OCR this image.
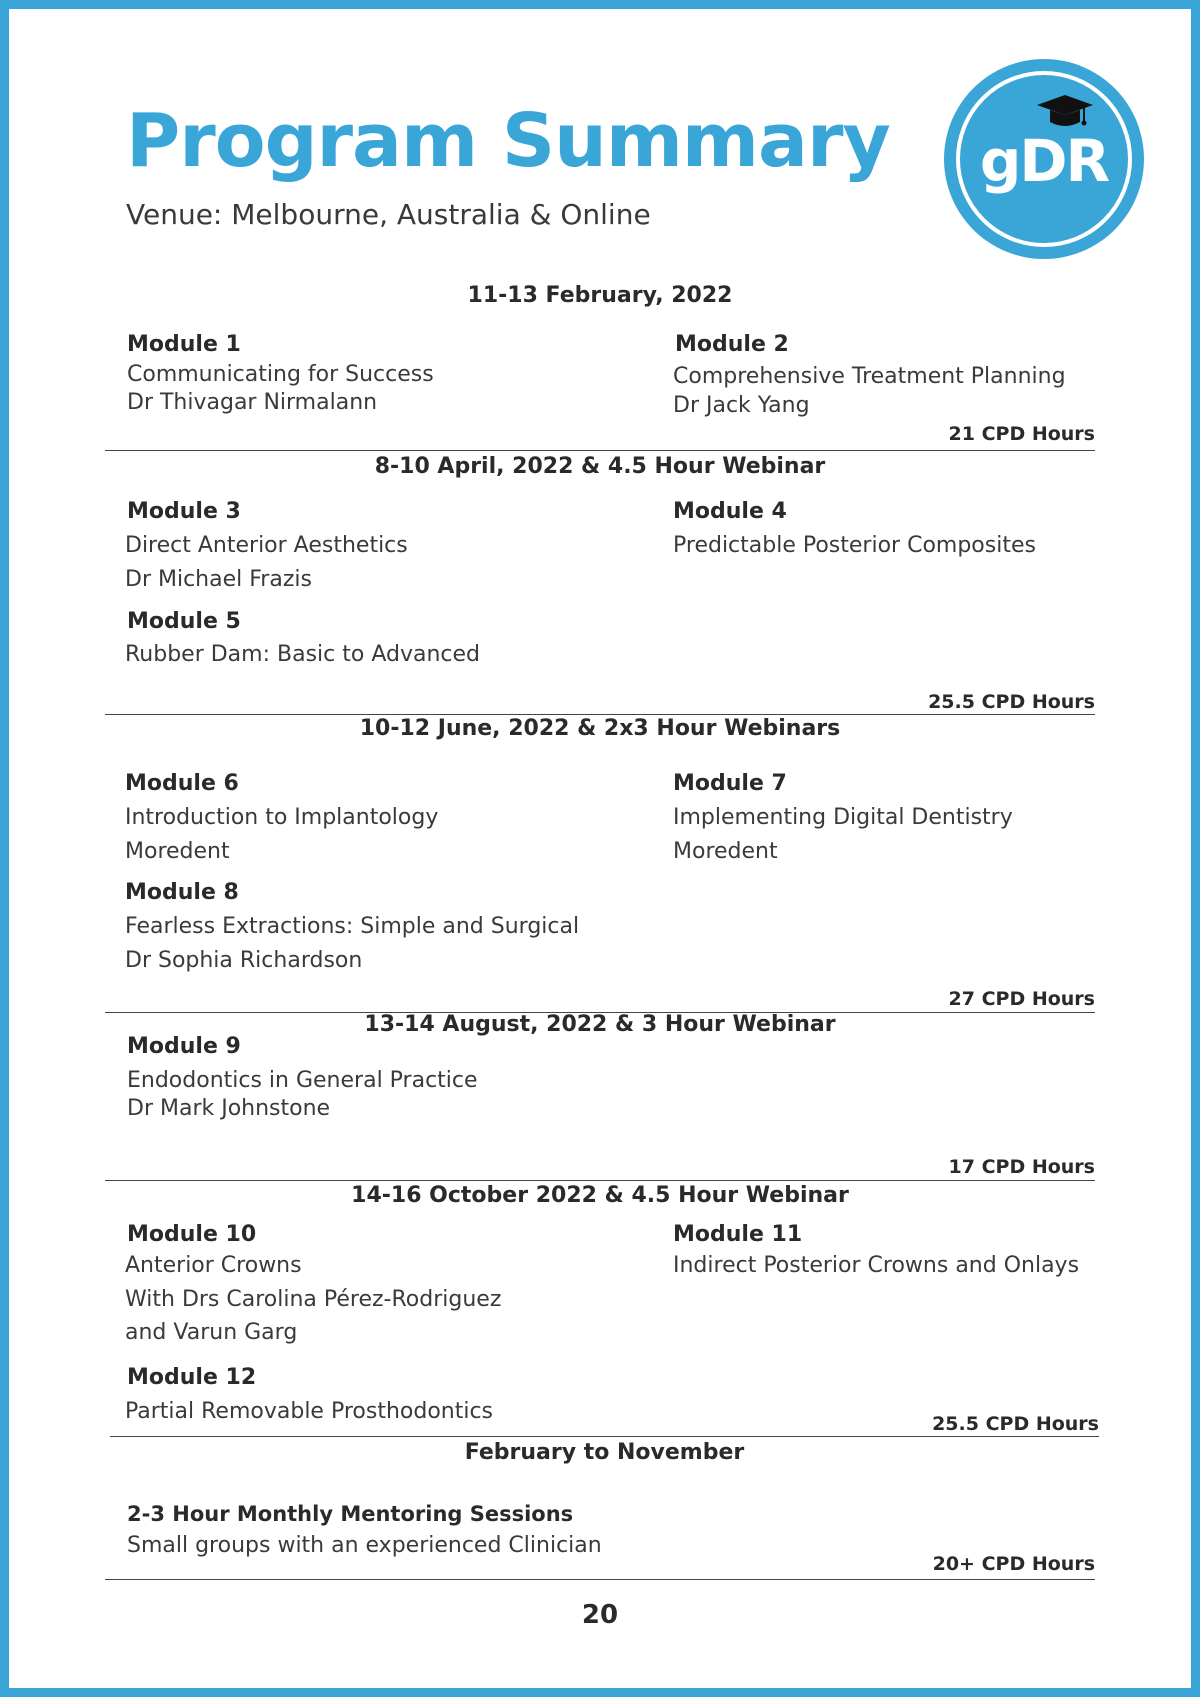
Program Summary
Venue: Melbourne, Australia & Online
gDR
11-13 February, 2022
Module 1
Communicating for Success
Dr Thivagar Nirmalann
Module 2
Comprehensive Treatment Planning
Dr Jack Yang
21 CPD Hours
8-10 April, 2022 & 4.5 Hour Webinar
Module 3
Direct Anterior Aesthetics
Dr Michael Frazis
Module 4
Predictable Posterior Composites
Module 5
Rubber Dam: Basic to Advanced
25.5 CPD Hours
10-12 June, 2022 & 2x3 Hour Webinars
Module 6
Introduction to Implantology
Moredent
Module 7
Implementing Digital Dentistry
Moredent
Module 8
Fearless Extractions: Simple and Surgical
Dr Sophia Richardson
27 CPD Hours
13-14 August, 2022 & 3 Hour Webinar
Module 9
Endodontics in General Practice
Dr Mark Johnstone
17 CPD Hours
14-16 October 2022 & 4.5 Hour Webinar
Module 10
Anterior Crowns
With Drs Carolina Pérez-Rodriguez
and Varun Garg
Module 11
Indirect Posterior Crowns and Onlays
Module 12
Partial Removable Prosthodontics	25.5 CPD Hours
February to November
2-3 Hour Monthly Mentoring Sessions
Small groups with an experienced Clinician
20+ CPD Hours
20
